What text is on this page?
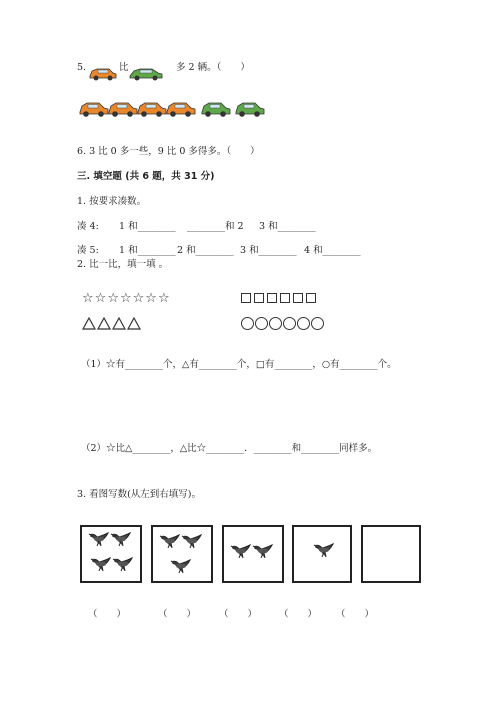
5.	比	多 2 辆。（　　）
6. 3 比 0 多一些，9 比 0 多得多。（　　）
三. 填空题 (共 6 题，共 31 分)
1. 按要求凑数。
凑 4: 1 和________ ________和 2 3 和________
凑 5: 1 和________ 2 和________ 3 和________ 4 和________
2. 比一比，填一填 。
☆ ☆ ☆ ☆ ☆ ☆ ☆
（1）☆有________个，△有________个，□有________，○有________个。
（2）☆比△________，△比☆________．________和________同样多。
3. 看图写数(从左到右填写)。
（　　）	（　　） （　　） （　　） （　　）
